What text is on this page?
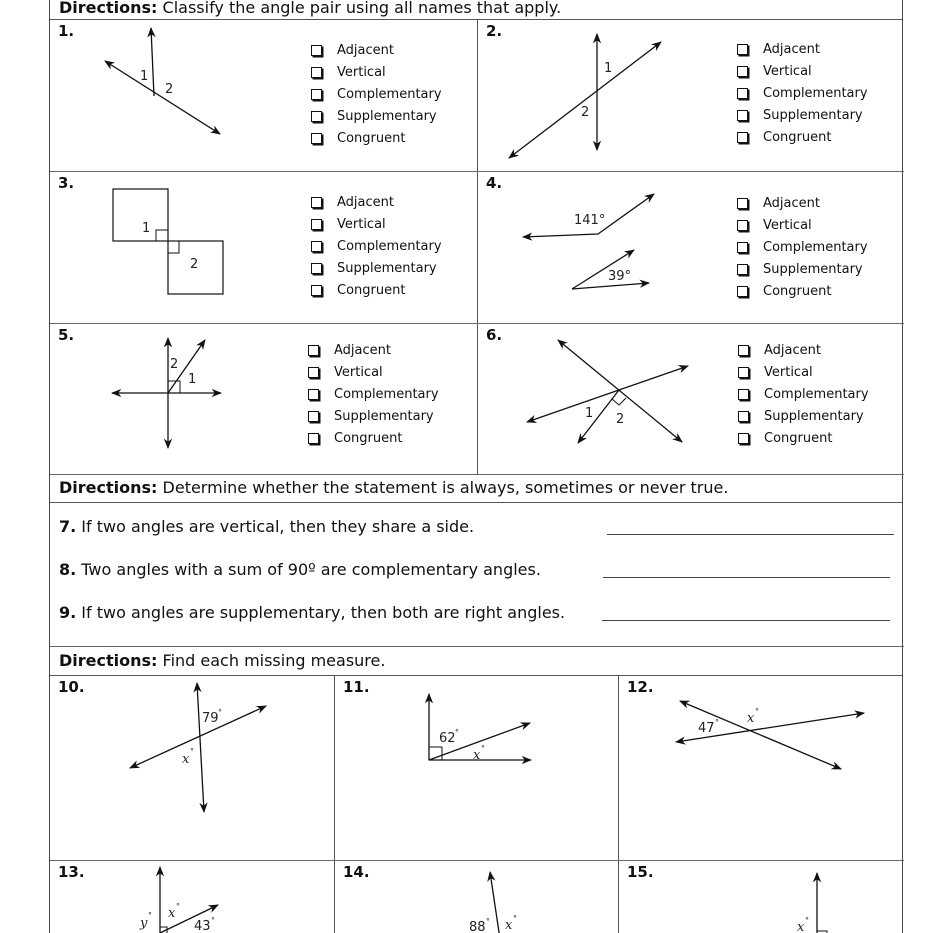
Directions: Classify the angle pair using all names that apply.
1.
1
2
Adjacent
Vertical
Complementary
Supplementary
Congruent
2.
1
2
Adjacent
Vertical
Complementary
Supplementary
Congruent
3.
1
2
Adjacent
Vertical
Complementary
Supplementary
Congruent
4.
141°
39°
Adjacent
Vertical
Complementary
Supplementary
Congruent
5.
2
1
Adjacent
Vertical
Complementary
Supplementary
Congruent
6.
1 2
Adjacent
Vertical
Complementary
Supplementary
Congruent
Directions: Determine whether the statement is always, sometimes or never true.
7. If two angles are vertical, then they share a side.
8. Two angles with a sum of 90º are complementary angles.
9. If two angles are supplementary, then both are right angles.
Directions: Find each missing measure.
10.
79 °
x
°
11.
62 °
x °
12.
47 ° x °
13.
y
° x °
43 °
14.
88 ° x °
15.
x °
